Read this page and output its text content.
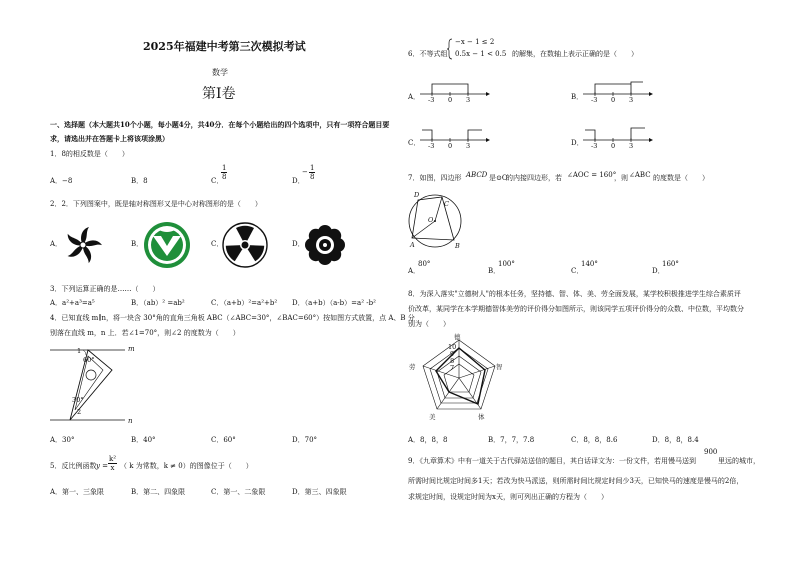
2025年福建中考第三次模拟考试
数学
第Ⅰ卷
一、选择题（本大题共10个小题，每小题4分，共40分．在每个小题给出的四个选项中，只有一项符合题目要
求，请选出并在答题卡上将该项涂黑）
1．8的相反数是（　　）
A．−8	B．8	C．
$\frac{1}{8}$	D．
− $\frac{1}{8}$
2．2．下列图案中，既是轴对称图形又是中心对称图形的是（　　）
A．	B．	C．	D．
3．下列运算正确的是……（　　）
A．a²+a³=a⁵	B．（ab）² =ab²	C．（a+b）²=a²+b² D．（a+b）（a-b）=a² -b²
4．已知直线 m∥n，将一块含 30°角的直角三角板 ABC（∠ABC=30°，∠BAC=60°）按如图方式放置，点 A、B 分
别落在直线 m，n 上．若∠1=70°，则∠2 的度数为（　　）
m
n
1
60°
30°
2
A．30°	B．40°	C．60°	D．70°
5．反比例函数 $y = \frac{\text{k²}}{x}$ （ k 为常数，k ≠ 0）的图像位于（　　）
A．第一、三象限	B．第二、四象限	C．第一、二象限	D．第三、四象限
6．不等式组
−x − 1 ≤ 2
0.5x − 1 < 0.5 的解集，在数轴上表示正确的是（　　）
A．	B．
C．	D．
-3 0 3	-3 0 3
-3 0 3	-3 0 3
7．如图，四边形 ABCD 是⊙O
的内接四边形，若 ∠AOC = 160°
，则 ∠ABC 的度数是（　　）
A	B
C
D
O
A．
80°
B．
100°
C．
140°
D．
160°
8．为深入落实"立德树人"的根本任务，坚持德、智、体、美、劳全面发展，某学校积极推进学生综合素质评
价改革，某同学在本学期德智体美劳的评价得分如图所示，则该同学五项评价得分的众数、中位数，平均数分
别为（　　）
德
劳	智
美	体
10
9
8
7
A．8，8，8	B．7，7，7.8	C．8，8，8.6	D．8，8，8.4
9．《九章算术》中有一道关于古代驿站送信的题目，其白话译文为：一份文件，若用慢马送到
900
里远的城市，
所需时间比规定时间多1天；若改为快马派送，则所需时间比规定时间少3天，已知快马的速度是慢马的2倍，
求规定时间，设规定时间为x天，则可列出正确的方程为（　　）
